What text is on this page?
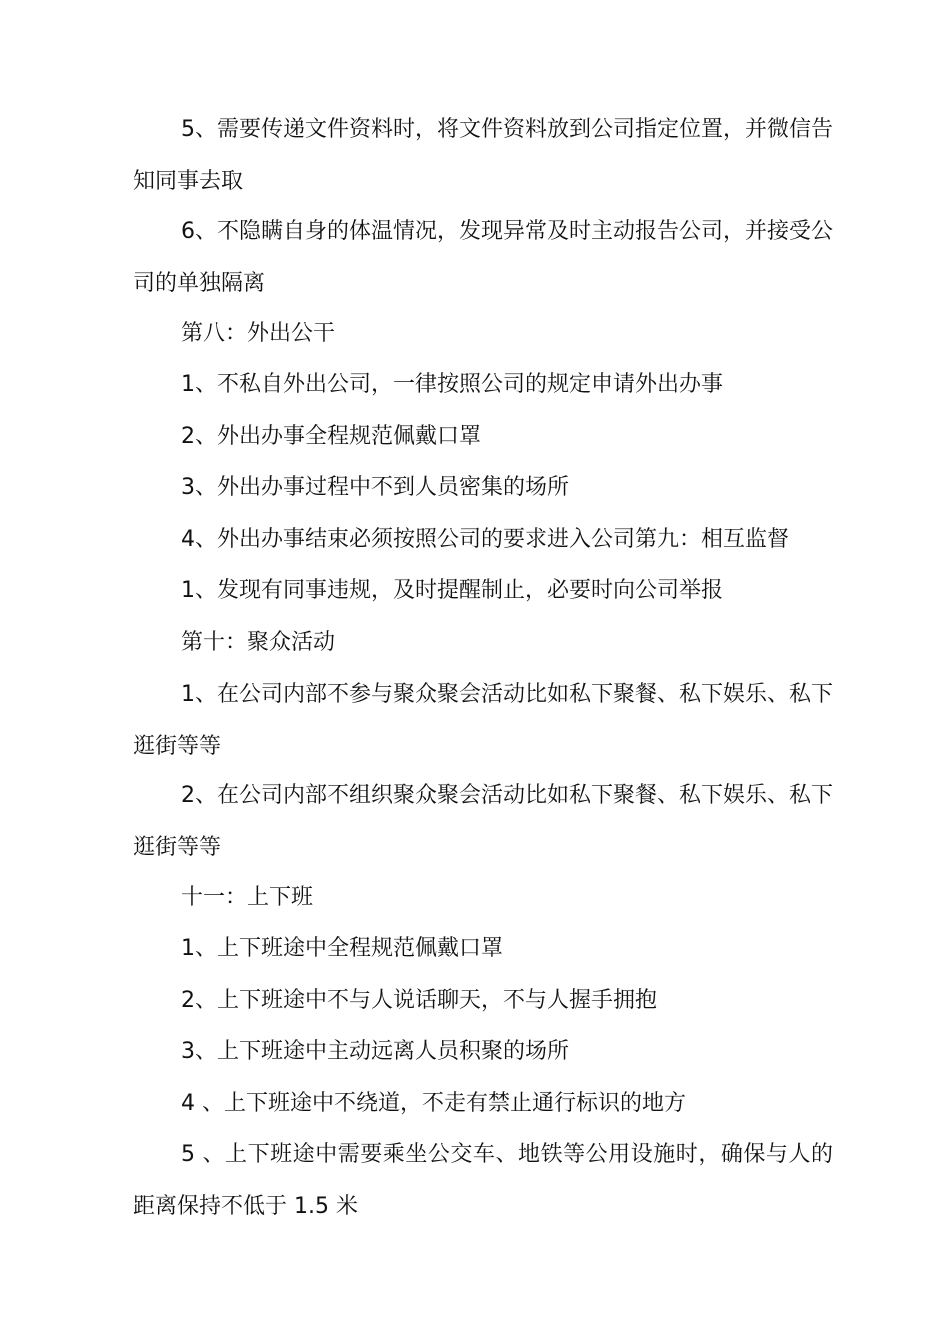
5、需要传递文件资料时，将文件资料放到公司指定位置，并微信告知同事去取

6、不隐瞒自身的体温情况，发现异常及时主动报告公司，并接受公司的单独隔离

第八：外出公干

1、不私自外出公司，一律按照公司的规定申请外出办事

2、外出办事全程规范佩戴口罩

3、外出办事过程中不到人员密集的场所

4、外出办事结束必须按照公司的要求进入公司第九：相互监督

1、发现有同事违规，及时提醒制止，必要时向公司举报

第十：聚众活动

1、在公司内部不参与聚众聚会活动比如私下聚餐、私下娱乐、私下逛街等等

2、在公司内部不组织聚众聚会活动比如私下聚餐、私下娱乐、私下逛街等等

十一：上下班

1、上下班途中全程规范佩戴口罩

2、上下班途中不与人说话聊天，不与人握手拥抱

3、上下班途中主动远离人员积聚的场所

4 、上下班途中不绕道，不走有禁止通行标识的地方

5 、上下班途中需要乘坐公交车、地铁等公用设施时，确保与人的距离保持不低于 1.5 米
